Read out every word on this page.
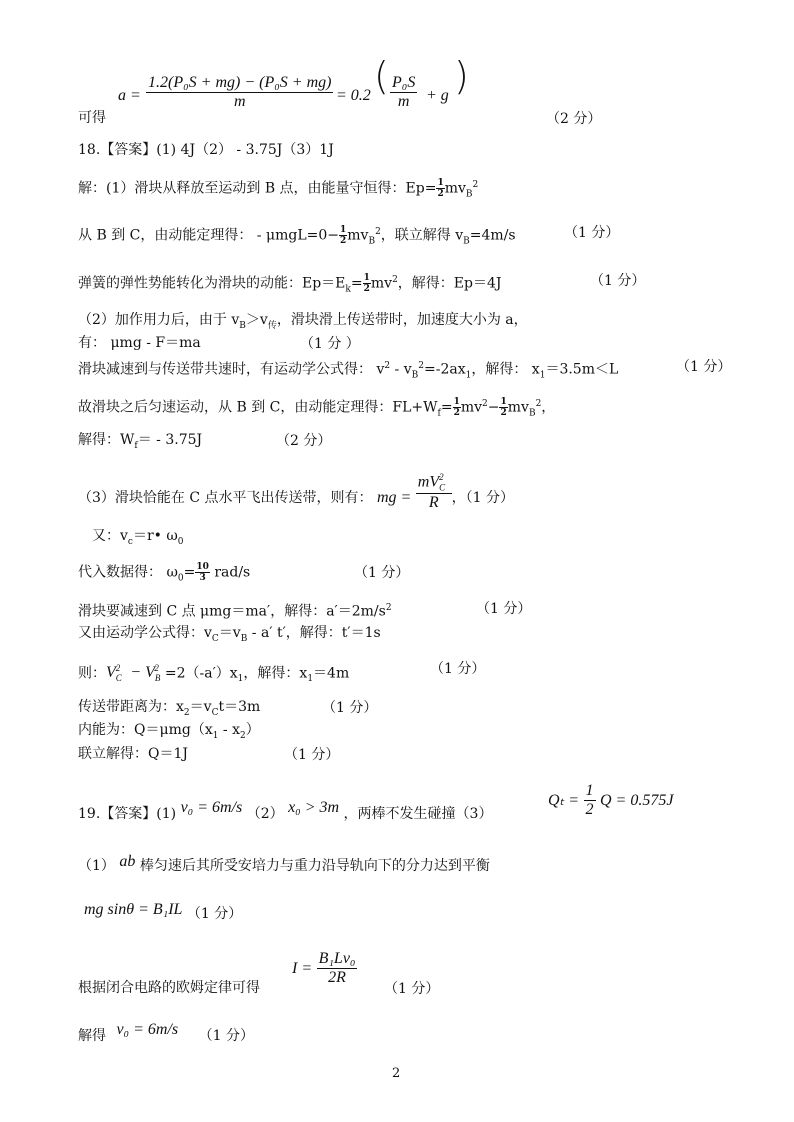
可得
$a = \frac{\text{1.2(P₀S + mg) − (P₀S + mg)}}{m} = 0.2$ ( $\frac{\text{P₀S}}{m} + g$ )
（2 分）
18.【答案】(1) 4J（2） - 3.75J（3）1J
解：(1）滑块从释放至运动到 B 点，由能量守恒得：$Ep= \frac{1}{2} mv_B^2$
从 B 到 C，由动能定理得： - $\mu mgL=0- \frac{1}{2} mv_B^2$，联立解得 $v_B=4m/s$	（1 分）
弹簧的弹性势能转化为滑块的动能：$Ep=E_k= \frac{1}{2} mv^2$，解得：Ep＝4J	（1 分）
（2）加作用力后，由于 $v_B>v_传$，滑块滑上传送带时，加速度大小为 a，
有： μmg - F＝ma	（1 分 ）
滑块减速到与传送带共速时，有运动学公式得： $v^2 - v_B^2=-2ax_1$，解得： $x_1=3.5m<L$	（1 分）
故滑块之后匀速运动，从 B 到 C，由动能定理得：$FL+W_f= \frac{1}{2} mv^2- \frac{1}{2} mv_B^2$，
解得：$W_f= - 3.75J$	（2 分）
（3）滑块恰能在 C 点水平飞出传送带，则有： mg = $\frac{mV_C^2}{R}$ ，（1 分）
又：$v_c=r•$ $\omega_0$
代入数据得： $\omega_0= \frac{10}{3} rad/s$	（1 分）
滑块要减速到 C 点 μmg＝ma′，解得：$a'=2m/s^2$	（1 分）
又由运动学公式得：$v_C=v_B - a'$ t′，解得：t′＝1s
则：$V_C^2 - V_B^2 =2(-a')x_1$，解得：$x_1=4m$	（1 分）
传送带距离为：$x_2=v_Ct=3m$	（1 分）
内能为：$Q=\mu mg(x_1 - x_2)$
联立解得：Q＝1J	（1 分）
19.【答案】(1) v₀ = 6m/s （2） x₀ > 3m ，两棒不发生碰撞（3）
$Q_t = \frac{1}{2}$ Q = 0.575J
（1） ab 棒匀速后其所受安培力与重力沿导轨向下的分力达到平衡
mg sinθ = B₁IL （1 分）
根据闭合电路的欧姆定律可得
$I = \frac{\text{B₁Lv₀}}{2R}$
（1 分）
解得 v₀ = 6m/s （1 分）
2
